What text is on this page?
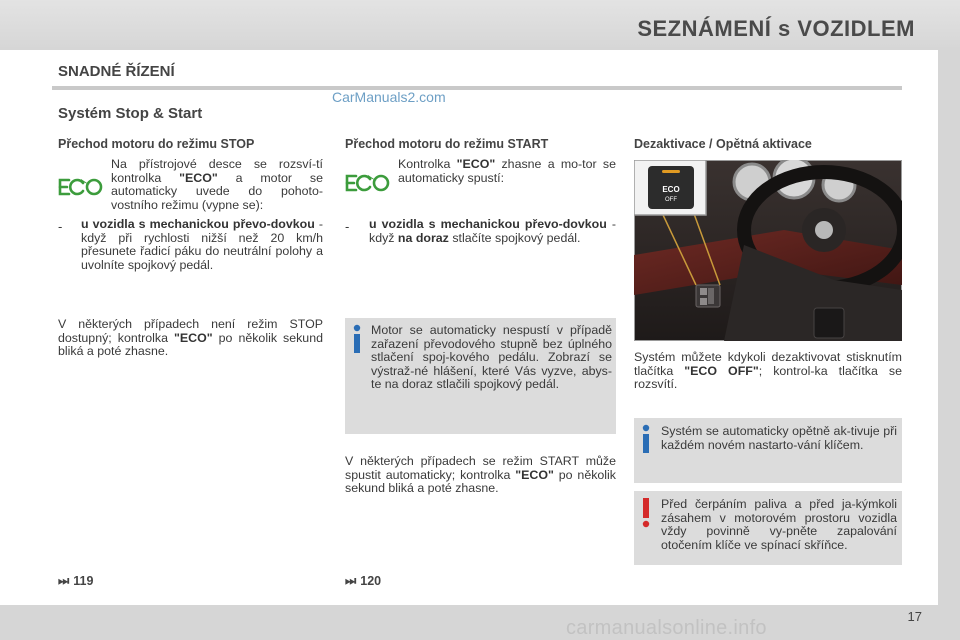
SEZNÁMENÍ s VOZIDLEM
SNADNÉ ŘÍZENÍ
CarManuals2.com
Systém Stop & Start
Přechod motoru do režimu STOP
Na přístrojové desce se rozsví-tí kontrolka "ECO" a motor se automaticky uvede do pohoto-vostního režimu (vypne se):
- u vozidla s mechanickou převo-dovkou - když při rychlosti nižší než 20 km/h přesunete řadicí páku do neutrální polohy a uvolníte spojkový pedál.
V některých případech není režim STOP dostupný; kontrolka "ECO" po několik sekund bliká a poté zhasne.
Přechod motoru do režimu START
Kontrolka "ECO" zhasne a mo-tor se automaticky spustí:
- u vozidla s mechanickou převo-dovkou - když na doraz stlačíte spojkový pedál.
Motor se automaticky nespustí v případě zařazení převodového stupně bez úplného stlačení spoj-kového pedálu. Zobrazí se výstraž-né hlášení, které Vás vyzve, abys-te na doraz stlačili spojkový pedál.
V některých případech se režim START může spustit automaticky; kontrolka "ECO" po několik sekund bliká a poté zhasne.
Dezaktivace / Opětná aktivace
ECO
OFF
Systém můžete kdykoli dezaktivovat stisknutím tlačítka "ECO OFF"; kontrol-ka tlačítka se rozsvítí.
Systém se automaticky opětně ak-tivuje při každém novém nastarto-vání klíčem.
Před čerpáním paliva a před ja-kýmkoli zásahem v motorovém prostoru vozidla vždy povinně vy-pněte zapalování otočením klíče ve spínací skříňce.
⏭ 119	⏭ 120
17
carmanualsonline.info
